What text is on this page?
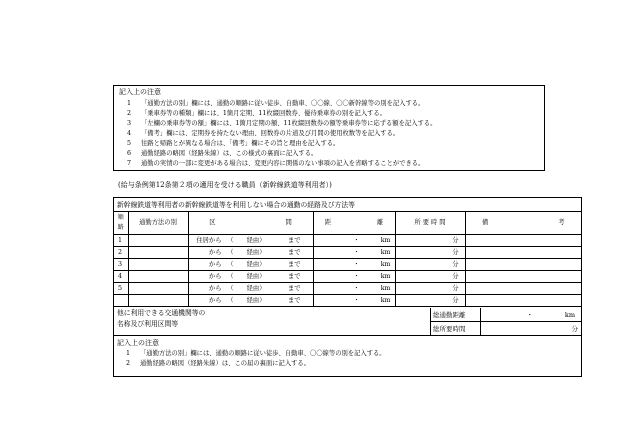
記入上の注意
1	「通勤方法の別」欄には、通勤の順路に従い徒歩、自動車、〇〇線、〇〇新幹線等の別を記入する。
2	「乗車券等の種類」欄には、1箇月定期、11枚綴回数券、優待乗車券の別を記入する。
3	「左欄の乗車券等の額」欄には、1箇月定期の額、11枚綴回数券の額等乗車券等に応ずる額を記入する。
4	「備考」欄には、定期券を持たない理由、回数券の片道及び月間の使用枚数等を記入する。
5	往路と帰路とが異なる場合は、「備考」欄にその旨と理由を記入する。
6	通勤経路の略図（経路朱線）は、この様式の裏面に記入する。
7	通勤の実情の一部に変更がある場合は、変更内容に関係のない事項の記入を省略することができる。
(給与条例第12条第２項の適用を受ける職員（新幹線鉄道等利用者）)
新幹線鉄道等利用者の新幹線鉄道等を利用しない場合の通勤の経路及び方法等
順
路	通勤方法の別	区 間	距 離	所 要 時 間	備 考
1		住居から （ 経由） まで	・ km	分	
2		から （ 経由） まで	・ km	分	
3		から （ 経由） まで	・ km	分	
4		から （ 経由） まで	・ km	分	
5		から （ 経由） まで	・ km	分	
		から （ 経由） まで	・ km	分	
他に利用できる交通機関等の名称及び利用区間等
総通勤距離	・ km
総所要時間	分
記入上の注意
1	「通勤方法の別」欄には、通勤の順路に従い徒歩、自動車、〇〇線等の別を記入する。
2	通勤経路の略図（経路朱線）は、この届の裏面に記入する。
